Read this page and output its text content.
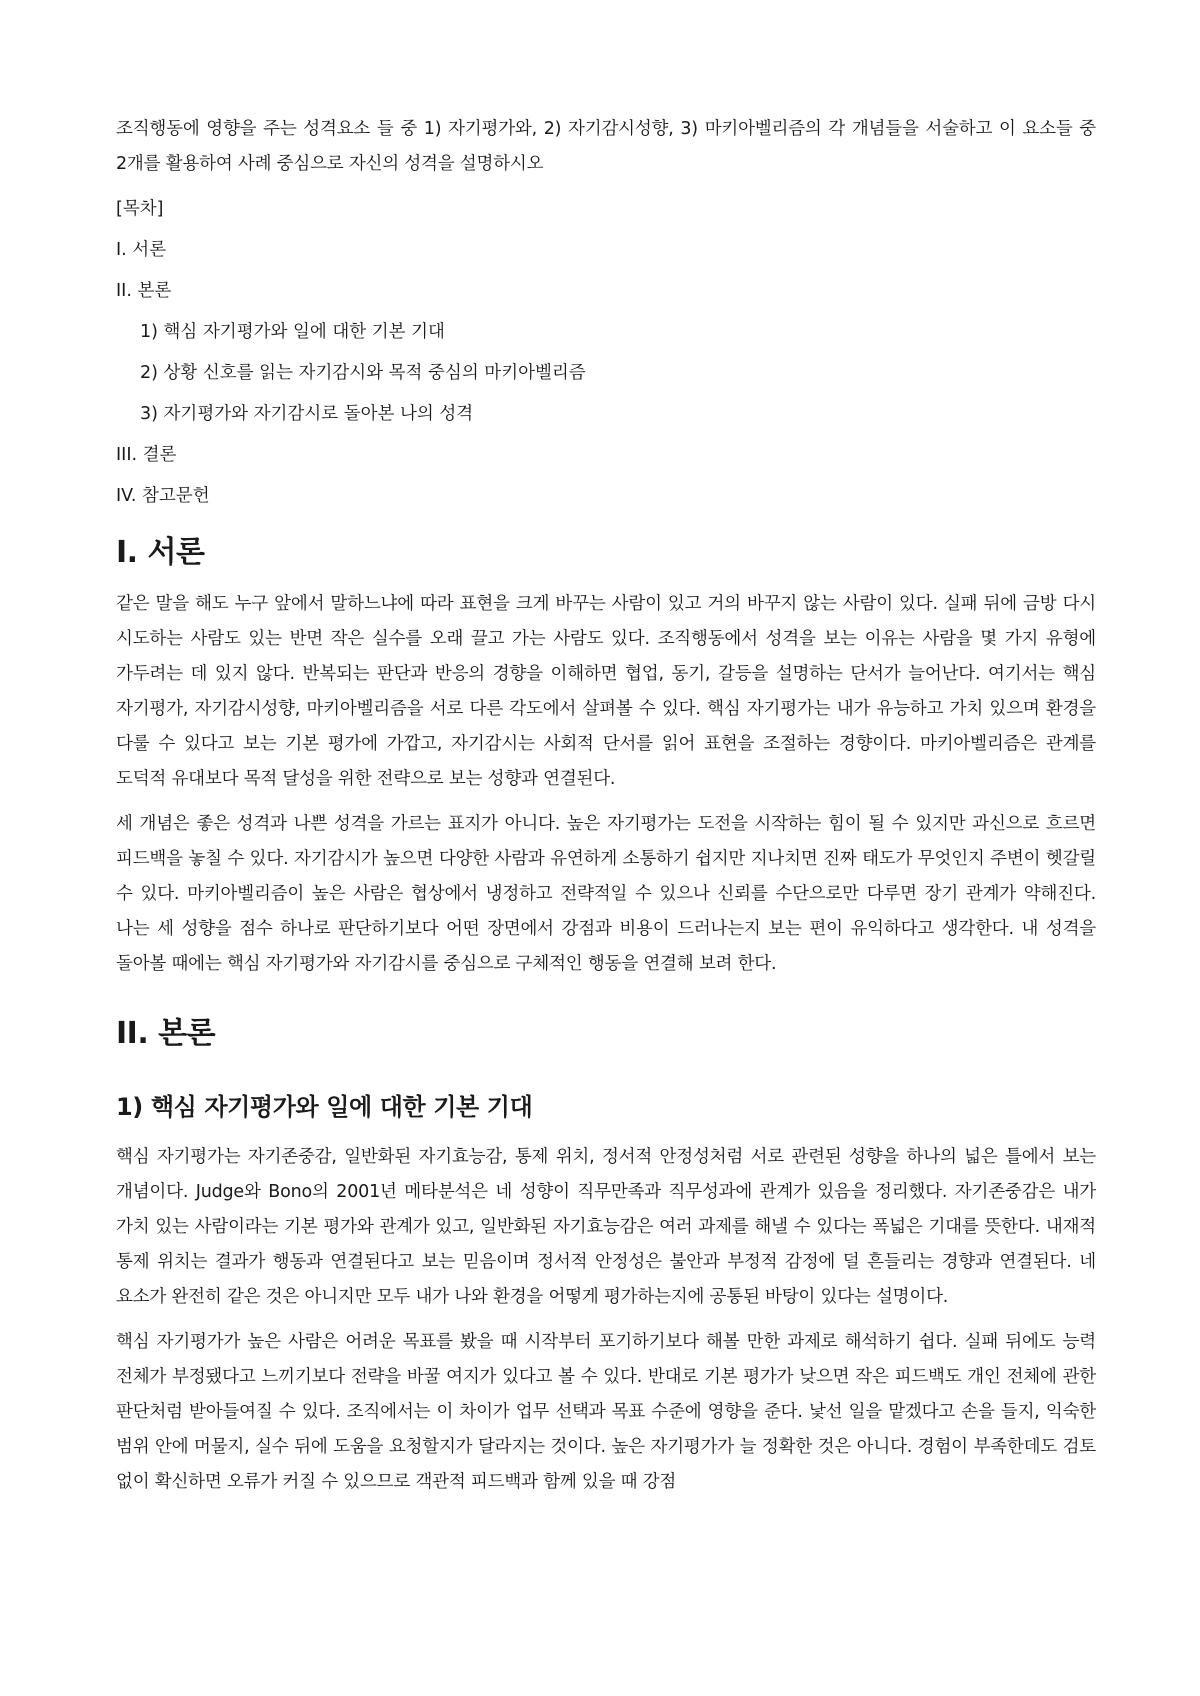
조직행동에 영향을 주는 성격요소 들 중 1) 자기평가와, 2) 자기감시성향, 3) 마키아벨리즘의 각 개념들을 서술하고 이 요소들 중 2개를 활용하여 사례 중심으로 자신의 성격을 설명하시오

[목차]
I. 서론
II. 본론
1) 핵심 자기평가와 일에 대한 기본 기대
2) 상황 신호를 읽는 자기감시와 목적 중심의 마키아벨리즘
3) 자기평가와 자기감시로 돌아본 나의 성격
III. 결론
IV. 참고문헌
I. 서론

같은 말을 해도 누구 앞에서 말하느냐에 따라 표현을 크게 바꾸는 사람이 있고 거의 바꾸지 않는 사람이 있다. 실패 뒤에 금방 다시 시도하는 사람도 있는 반면 작은 실수를 오래 끌고 가는 사람도 있다. 조직행동에서 성격을 보는 이유는 사람을 몇 가지 유형에 가두려는 데 있지 않다. 반복되는 판단과 반응의 경향을 이해하면 협업, 동기, 갈등을 설명하는 단서가 늘어난다. 여기서는 핵심 자기평가, 자기감시성향, 마키아벨리즘을 서로 다른 각도에서 살펴볼 수 있다. 핵심 자기평가는 내가 유능하고 가치 있으며 환경을 다룰 수 있다고 보는 기본 평가에 가깝고, 자기감시는 사회적 단서를 읽어 표현을 조절하는 경향이다. 마키아벨리즘은 관계를 도덕적 유대보다 목적 달성을 위한 전략으로 보는 성향과 연결된다.

세 개념은 좋은 성격과 나쁜 성격을 가르는 표지가 아니다. 높은 자기평가는 도전을 시작하는 힘이 될 수 있지만 과신으로 흐르면 피드백을 놓칠 수 있다. 자기감시가 높으면 다양한 사람과 유연하게 소통하기 쉽지만 지나치면 진짜 태도가 무엇인지 주변이 헷갈릴 수 있다. 마키아벨리즘이 높은 사람은 협상에서 냉정하고 전략적일 수 있으나 신뢰를 수단으로만 다루면 장기 관계가 약해진다. 나는 세 성향을 점수 하나로 판단하기보다 어떤 장면에서 강점과 비용이 드러나는지 보는 편이 유익하다고 생각한다. 내 성격을 돌아볼 때에는 핵심 자기평가와 자기감시를 중심으로 구체적인 행동을 연결해 보려 한다.

II. 본론
1) 핵심 자기평가와 일에 대한 기본 기대

핵심 자기평가는 자기존중감, 일반화된 자기효능감, 통제 위치, 정서적 안정성처럼 서로 관련된 성향을 하나의 넓은 틀에서 보는 개념이다. Judge와 Bono의 2001년 메타분석은 네 성향이 직무만족과 직무성과에 관계가 있음을 정리했다. 자기존중감은 내가 가치 있는 사람이라는 기본 평가와 관계가 있고, 일반화된 자기효능감은 여러 과제를 해낼 수 있다는 폭넓은 기대를 뜻한다. 내재적 통제 위치는 결과가 행동과 연결된다고 보는 믿음이며 정서적 안정성은 불안과 부정적 감정에 덜 흔들리는 경향과 연결된다. 네 요소가 완전히 같은 것은 아니지만 모두 내가 나와 환경을 어떻게 평가하는지에 공통된 바탕이 있다는 설명이다.

핵심 자기평가가 높은 사람은 어려운 목표를 봤을 때 시작부터 포기하기보다 해볼 만한 과제로 해석하기 쉽다. 실패 뒤에도 능력 전체가 부정됐다고 느끼기보다 전략을 바꿀 여지가 있다고 볼 수 있다. 반대로 기본 평가가 낮으면 작은 피드백도 개인 전체에 관한 판단처럼 받아들여질 수 있다. 조직에서는 이 차이가 업무 선택과 목표 수준에 영향을 준다. 낯선 일을 맡겠다고 손을 들지, 익숙한 범위 안에 머물지, 실수 뒤에 도움을 요청할지가 달라지는 것이다. 높은 자기평가가 늘 정확한 것은 아니다. 경험이 부족한데도 검토 없이 확신하면 오류가 커질 수 있으므로 객관적 피드백과 함께 있을 때 강점
